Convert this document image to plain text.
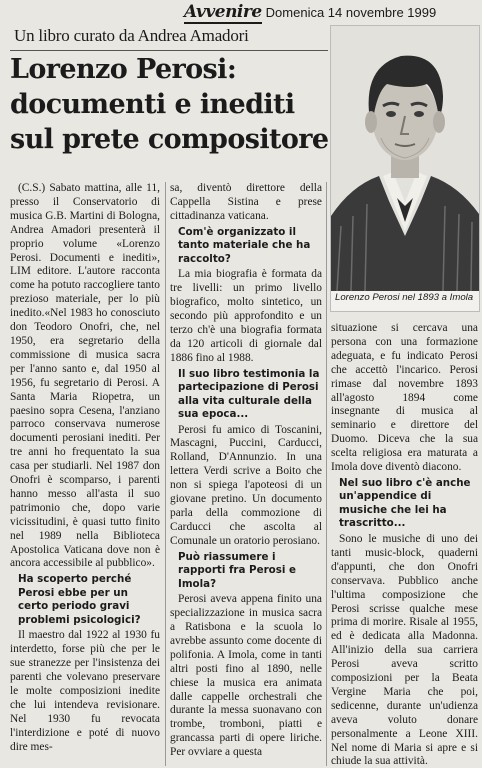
Avvenire Domenica 14 novembre 1999
Un libro curato da Andrea Amadori
Lorenzo Perosi:
documenti e inediti
sul prete compositore
Lorenzo Perosi nel 1893 a Imola

(C.S.) Sabato mattina, alle 11, presso il Conservatorio di musica G.B. Martini di Bologna, Andrea Amadori presenterà il proprio volume «Lorenzo Perosi. Documenti e inediti», LIM editore. L'autore racconta come ha potuto raccogliere tanto prezioso materiale, per lo più inedito.«Nel 1983 ho conosciuto don Teodoro Onofri, che, nel 1950, era segretario della commissione di musica sacra per l'anno santo e, dal 1950 al 1956, fu segretario di Perosi. A Santa Maria Riopetra, un paesino sopra Cesena, l'anziano parroco conservava numerose documenti perosiani inediti. Per tre anni ho frequentato la sua casa per studiarli. Nel 1987 don Onofri è scomparso, i parenti hanno messo all'asta il suo patrimonio che, dopo varie vicissitudini, è quasi tutto finito nel 1989 nella Biblioteca Apostolica Vaticana dove non è ancora accessibile al pubblico».

Ha scoperto perché Perosi ebbe per un certo periodo gravi problemi psicologici?

Il maestro dal 1922 al 1930 fu interdetto, forse più che per le sue stranezze per l'insistenza dei parenti che volevano preservare le molte composizioni inedite che lui intendeva revisionare. Nel 1930 fu revocata l'interdizione e poté di nuovo dire mes-

sa, diventò direttore della Cappella Sistina e prese cittadinanza vaticana.

Com'è organizzato il tanto materiale che ha raccolto?

La mia biografia è formata da tre livelli: un primo livello biografico, molto sintetico, un secondo più approfondito e un terzo ch'è una biografia formata da 120 articoli di giornale dal 1886 fino al 1988.

Il suo libro testimonia la partecipazione di Perosi alla vita culturale della sua epoca...

Perosi fu amico di Toscanini, Mascagni, Puccini, Carducci, Rolland, D'Annunzio. In una lettera Verdi scrive a Boito che non si spiega l'apoteosi di un giovane pretino. Un documento parla della commozione di Carducci che ascolta al Comunale un oratorio perosiano.

Può riassumere i rapporti fra Perosi e Imola?

Perosi aveva appena finito una specializzazione in musica sacra a Ratisbona e la scuola lo avrebbe assunto come docente di polifonia. A Imola, come in tanti altri posti fino al 1890, nelle chiese la musica era animata dalle cappelle orchestrali che durante la messa suonavano con trombe, tromboni, piatti e grancassa parti di opere liriche. Per ovviare a questa

situazione si cercava una persona con una formazione adeguata, e fu indicato Perosi che accettò l'incarico. Perosi rimase dal novembre 1893 all'agosto 1894 come insegnante di musica al seminario e direttore del Duomo. Diceva che la sua scelta religiosa era maturata a Imola dove diventò diacono.

Nel suo libro c'è anche un'appendice di musiche che lei ha trascritto...

Sono le musiche di uno dei tanti music-block, quaderni d'appunti, che don Onofri conservava. Pubblico anche l'ultima composizione che Perosi scrisse qualche mese prima di morire. Risale al 1955, ed è dedicata alla Madonna. All'inizio della sua carriera Perosi aveva scritto composizioni per la Beata Vergine Maria che poi, sedicenne, durante un'udienza aveva voluto donare personalmente a Leone XIII. Nel nome di Maria si apre e si chiude la sua attività.
